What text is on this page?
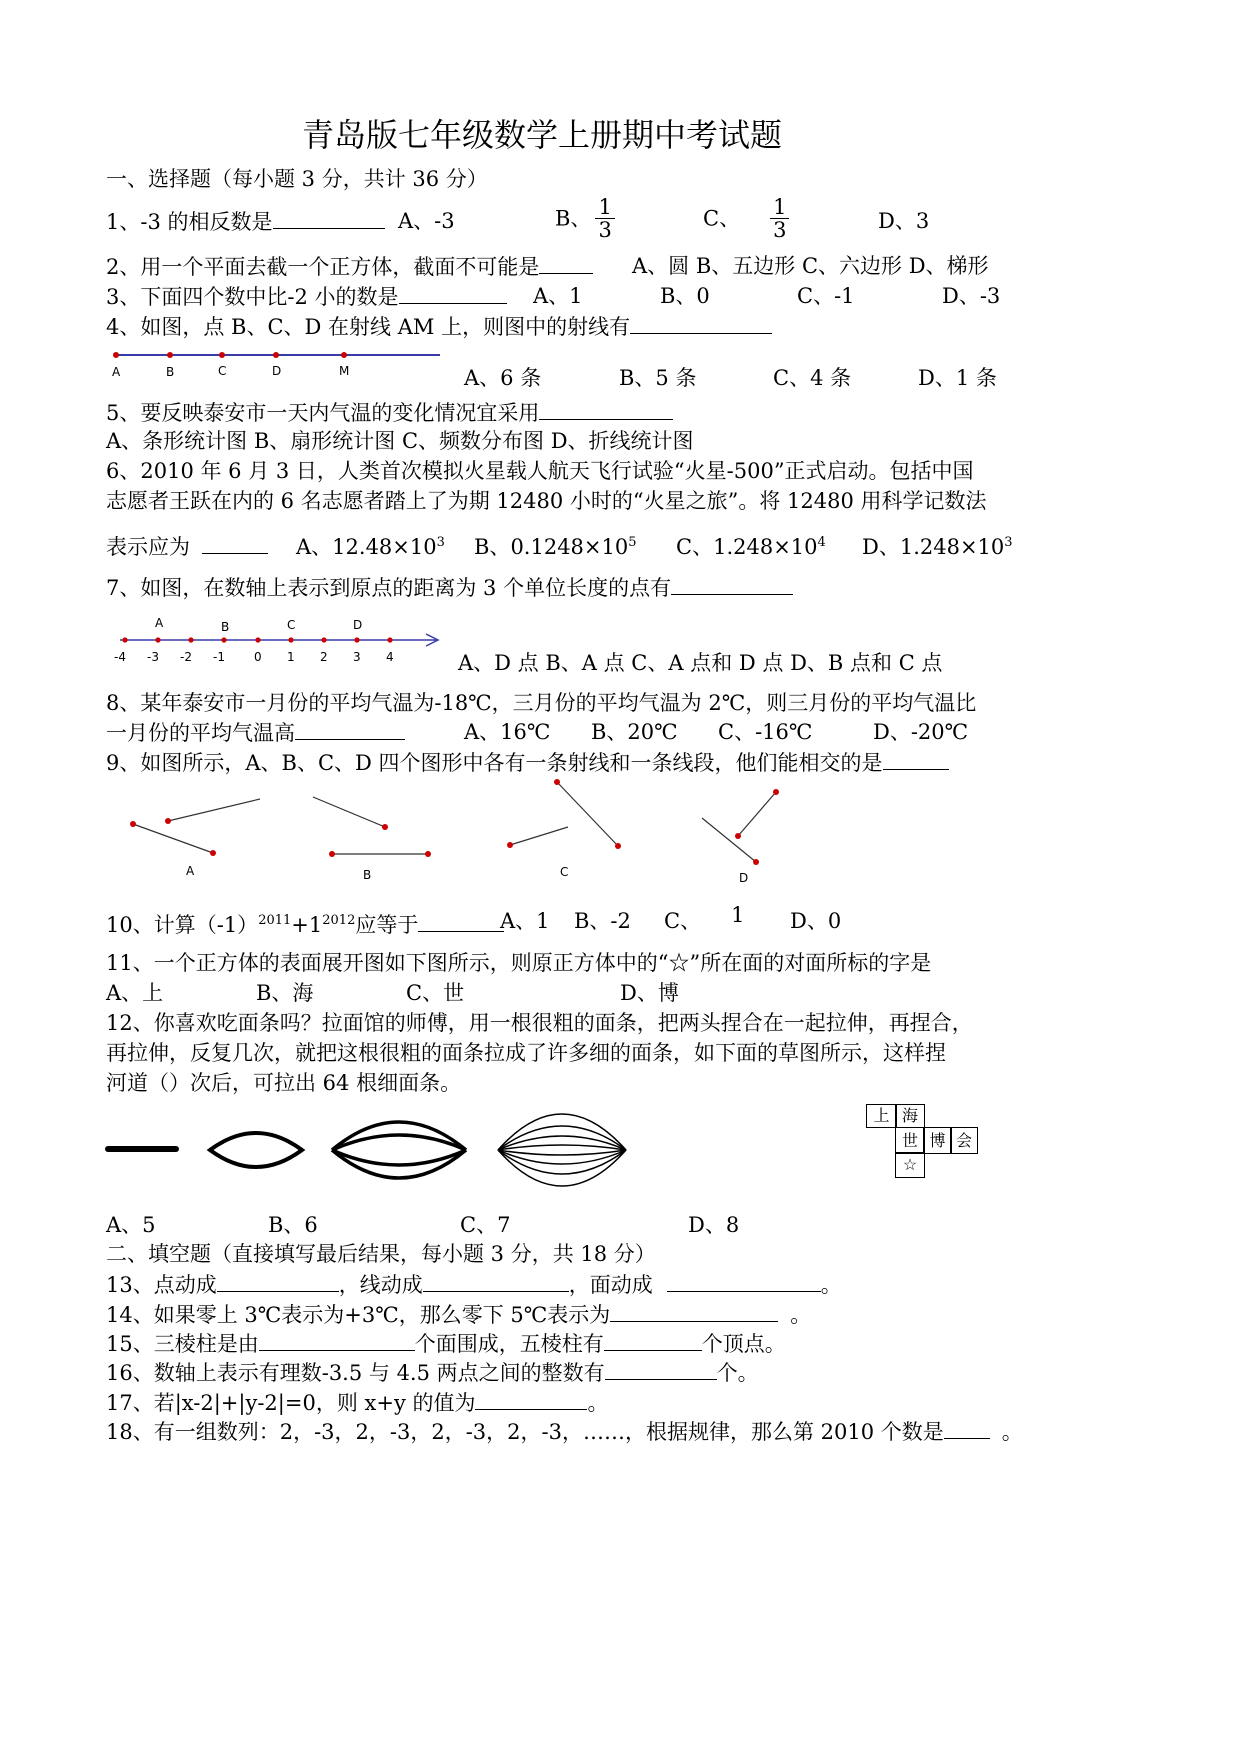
青岛版七年级数学上册期中考试题
一、选择题（每小题 3 分，共计 36 分）
1、-3 的相反数是	A、-3	B、 $\frac{1}{3}$	C、 $\frac{1}{3}$	D、3
2、用一个平面去截一个正方体，截面不可能是	A、圆 B、五边形 C、六边形 D、梯形
3、下面四个数中比-2 小的数是	A、1	B、0	C、-1	D、-3
4、如图，点 B、C、D 在射线 AM 上，则图中的射线有
A	B	C	D	M	A、6 条	B、5 条	C、4 条	D、1 条
5、要反映泰安市一天内气温的变化情况宜采用
A、条形统计图 B、扇形统计图 C、频数分布图 D、折线统计图
6、2010 年 6 月 3 日，人类首次模拟火星载人航天飞行试验“火星-500”正式启动。包括中国
志愿者王跃在内的 6 名志愿者踏上了为期 12480 小时的“火星之旅”。将 12480 用科学记数法
表示应为	A、$12.48\times 10^3$ B、$0.1248\times 10^5$ C、$1.248\times 10^4$ D、$1.248\times 10^3$
7、如图，在数轴上表示到原点的距离为 3 个单位长度的点有
A	B	C	D
-4 -3 -2 -1 0 1 2 3 4	A、D 点 B、A 点 C、A 点和 D 点 D、B 点和 C 点
8、某年泰安市一月份的平均气温为-18℃，三月份的平均气温为 2℃，则三月份的平均气温比
一月份的平均气温高	A、16℃ B、20℃ C、-16℃	D、-20℃
9、如图所示，A、B、C、D 四个图形中各有一条射线和一条线段，他们能相交的是
A	B	C	D
10、计算$(-1)^{2011}+1^{2012}$应等于	A、1 B、-2 C、 1 D、0
11、一个正方体的表面展开图如下图所示，则原正方体中的“☆”所在面的对面所标的字是
A、上	B、海	C、世	D、博
12、你喜欢吃面条吗？拉面馆的师傅，用一根很粗的面条，把两头捏合在一起拉伸，再捏合，
再拉伸，反复几次，就把这根很粗的面条拉成了许多细的面条，如下面的草图所示，这样捏
河道（）次后，可拉出 64 根细面条。
上 海
世 博 会
☆
A、5	B、6	C、7	D、8
二、填空题（直接填写最后结果，每小题 3 分，共 18 分）
13、点动成	，线动成	，面动成	。
14、如果零上 3℃表示为+3℃，那么零下 5℃表示为	。
15、三棱柱是由	个面围成，五棱柱有	个顶点。
16、数轴上表示有理数-3.5 与 4.5 两点之间的整数有	个。
17、若|x-2|+|y-2|=0，则 x+y 的值为	。
18、有一组数列：2，-3，2，-3，2，-3，2，-3，……，根据规律，那么第 2010 个数是	。
